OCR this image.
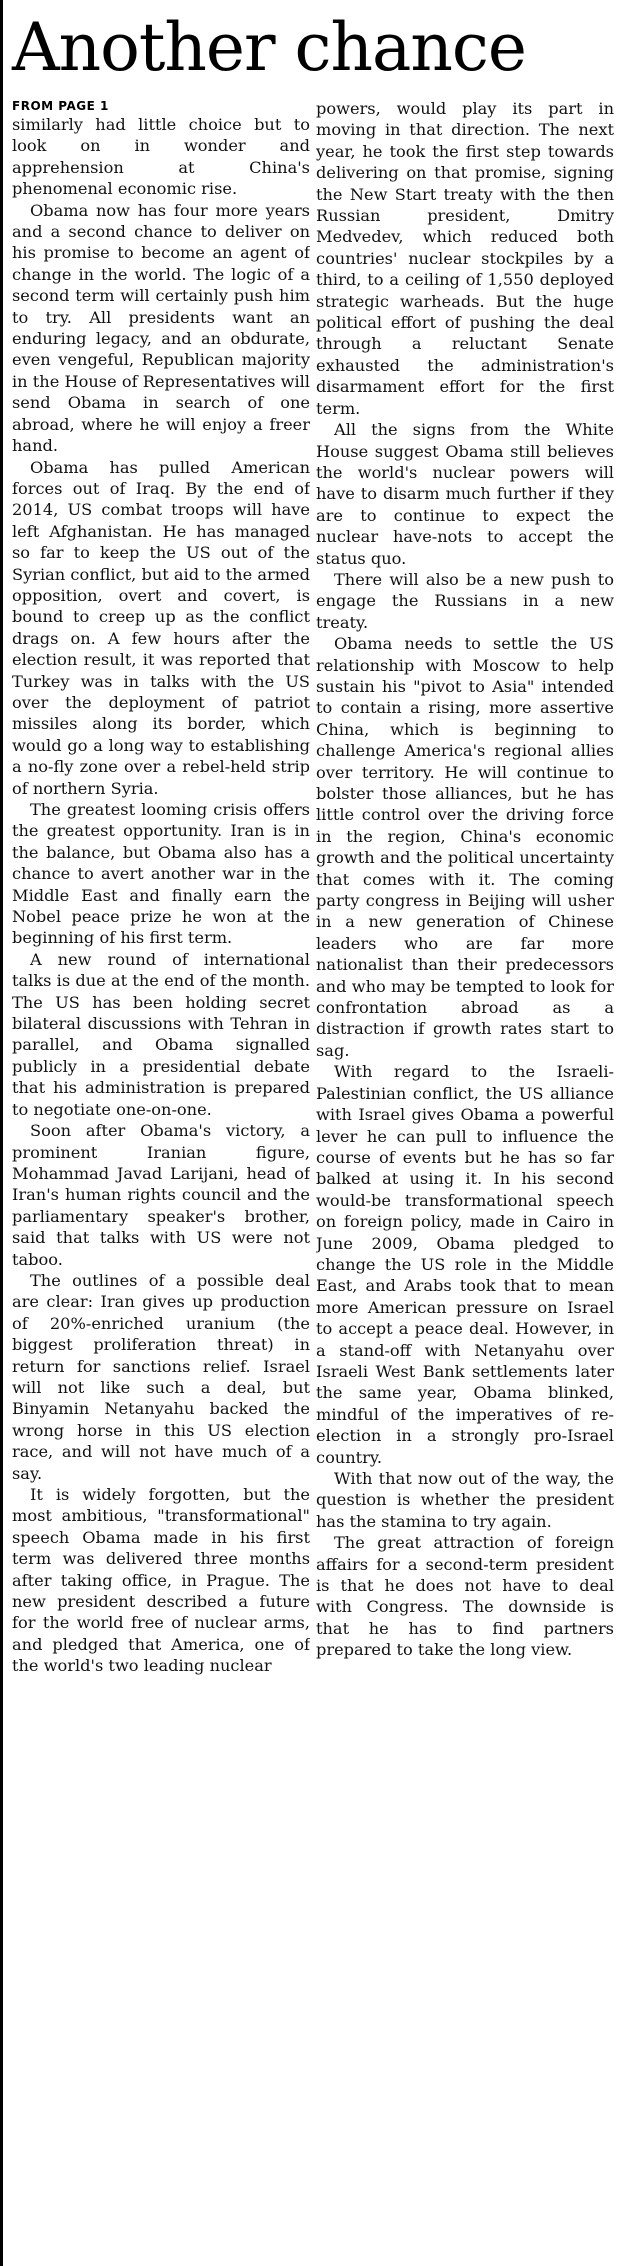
Another chance
FROM PAGE 1

similarly had little choice but to look on in wonder and apprehension at China's phenomenal economic rise.

Obama now has four more years and a second chance to deliver on his promise to become an agent of change in the world. The logic of a second term will certainly push him to try. All presidents want an enduring legacy, and an obdurate, even vengeful, Republican majority in the House of Representatives will send Obama in search of one abroad, where he will enjoy a freer hand.

Obama has pulled American forces out of Iraq. By the end of 2014, US combat troops will have left Afghanistan. He has managed so far to keep the US out of the Syrian conflict, but aid to the armed opposition, overt and covert, is bound to creep up as the conflict drags on. A few hours after the election result, it was reported that Turkey was in talks with the US over the deployment of patriot missiles along its border, which would go a long way to establishing a no-fly zone over a rebel-held strip of northern Syria.

The greatest looming crisis offers the greatest opportunity. Iran is in the balance, but Obama also has a chance to avert another war in the Middle East and finally earn the Nobel peace prize he won at the beginning of his first term.

A new round of international talks is due at the end of the month. The US has been holding secret bilateral discussions with Tehran in parallel, and Obama signalled publicly in a presidential debate that his administration is prepared to negotiate one-on-one.

Soon after Obama's victory, a prominent Iranian figure, Mohammad Javad Larijani, head of Iran's human rights council and the parliamentary speaker's brother, said that talks with US were not taboo.

The outlines of a possible deal are clear: Iran gives up production of 20%-enriched uranium (the biggest proliferation threat) in return for sanctions relief. Israel will not like such a deal, but Binyamin Netanyahu backed the wrong horse in this US election race, and will not have much of a say.

It is widely forgotten, but the most ambitious, "transformational" speech Obama made in his first term was delivered three months after taking office, in Prague. The new president described a future for the world free of nuclear arms, and pledged that America, one of the world's two leading nuclear

powers, would play its part in moving in that direction. The next year, he took the first step towards delivering on that promise, signing the New Start treaty with the then Russian president, Dmitry Medvedev, which reduced both countries' nuclear stockpiles by a third, to a ceiling of 1,550 deployed strategic warheads. But the huge political effort of pushing the deal through a reluctant Senate exhausted the administration's disarmament effort for the first term.

All the signs from the White House suggest Obama still believes the world's nuclear powers will have to disarm much further if they are to continue to expect the nuclear have-nots to accept the status quo.

There will also be a new push to engage the Russians in a new treaty.

Obama needs to settle the US relationship with Moscow to help sustain his "pivot to Asia" intended to contain a rising, more assertive China, which is beginning to challenge America's regional allies over territory. He will continue to bolster those alliances, but he has little control over the driving force in the region, China's economic growth and the political uncertainty that comes with it. The coming party congress in Beijing will usher in a new generation of Chinese leaders who are far more nationalist than their predecessors and who may be tempted to look for confrontation abroad as a distraction if growth rates start to sag.

With regard to the Israeli-Palestinian conflict, the US alliance with Israel gives Obama a powerful lever he can pull to influence the course of events but he has so far balked at using it. In his second would-be transformational speech on foreign policy, made in Cairo in June 2009, Obama pledged to change the US role in the Middle East, and Arabs took that to mean more American pressure on Israel to accept a peace deal. However, in a stand-off with Netanyahu over Israeli West Bank settlements later the same year, Obama blinked, mindful of the imperatives of re-election in a strongly pro-Israel country.

With that now out of the way, the question is whether the president has the stamina to try again.

The great attraction of foreign affairs for a second-term president is that he does not have to deal with Congress. The downside is that he has to find partners prepared to take the long view.
